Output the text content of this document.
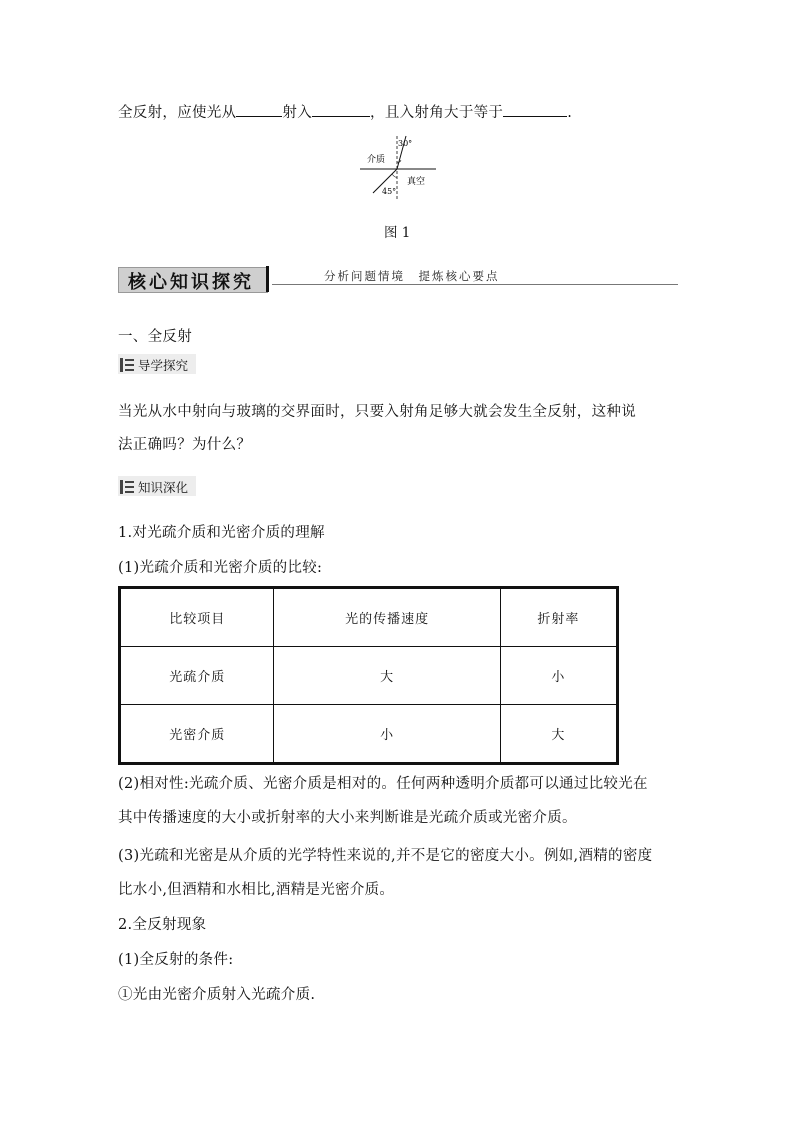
全反射，应使光从	射入	，且入射角大于等于	.
30°
45°
介质
真空
图 1
核心知识探究	分析问题情境　提炼核心要点
一、全反射
导学探究
当光从水中射向与玻璃的交界面时，只要入射角足够大就会发生全反射，这种说
法正确吗？为什么？
知识深化
1.对光疏介质和光密介质的理解
(1)光疏介质和光密介质的比较:
比较项目	光的传播速度	折射率
光疏介质	大	小
光密介质	小	大
(2)相对性:光疏介质、光密介质是相对的。任何两种透明介质都可以通过比较光在
其中传播速度的大小或折射率的大小来判断谁是光疏介质或光密介质。
(3)光疏和光密是从介质的光学特性来说的,并不是它的密度大小。例如,酒精的密度
比水小,但酒精和水相比,酒精是光密介质。
2.全反射现象
(1)全反射的条件:
①光由光密介质射入光疏介质.
